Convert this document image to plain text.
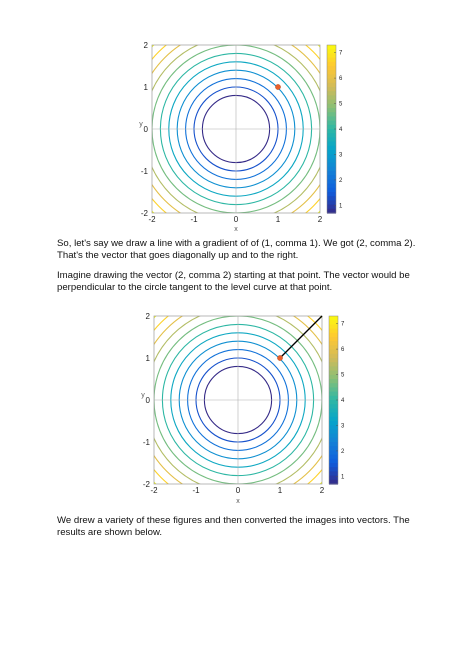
-2	-1	0	1	2
2
1
0
-1
-2
x
y
7
6
5
4
3
2
1
-2	-1	0	1	2
2
1
0
-1
-2
x
y
7
6
5
4
3
2
1

So, let's say we draw a line with a gradient of of (1, comma 1). We got (2, comma 2). That's the vector that goes diagonally up and to the right.

Imagine drawing the vector (2, comma 2) starting at that point. The vector would be perpendicular to the circle tangent to the level curve at that point.

We drew a variety of these figures and then converted the images into vectors. The results are shown below.
